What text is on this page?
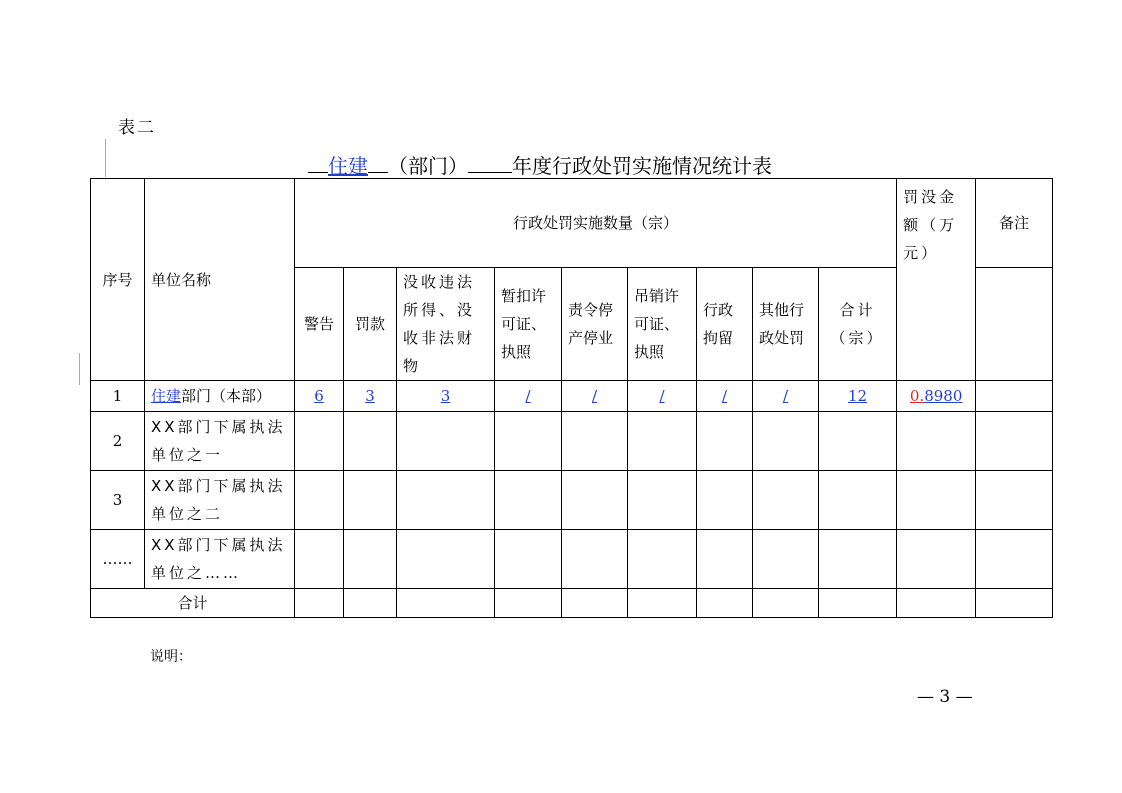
表二
住建 （部门） 年度行政处罚实施情况统计表
序号	单位名称	行政处罚实施数量（宗）									罚没金额（万元）	备注
		警告	罚款	没收违法所得、没收非法财物	暂扣许可证、执照	责令停产停业	吊销许可证、执照	行政拘留	其他行政处罚	合计（宗）		
1	住建部门（本部）	6	3	3	/	/	/	/	/	12	0.8980	
2	XX部门下属执法单位之一											
3	XX部门下属执法单位之二											
……	XX部门下属执法单位之……											
合计												
说明：
— 3 —
